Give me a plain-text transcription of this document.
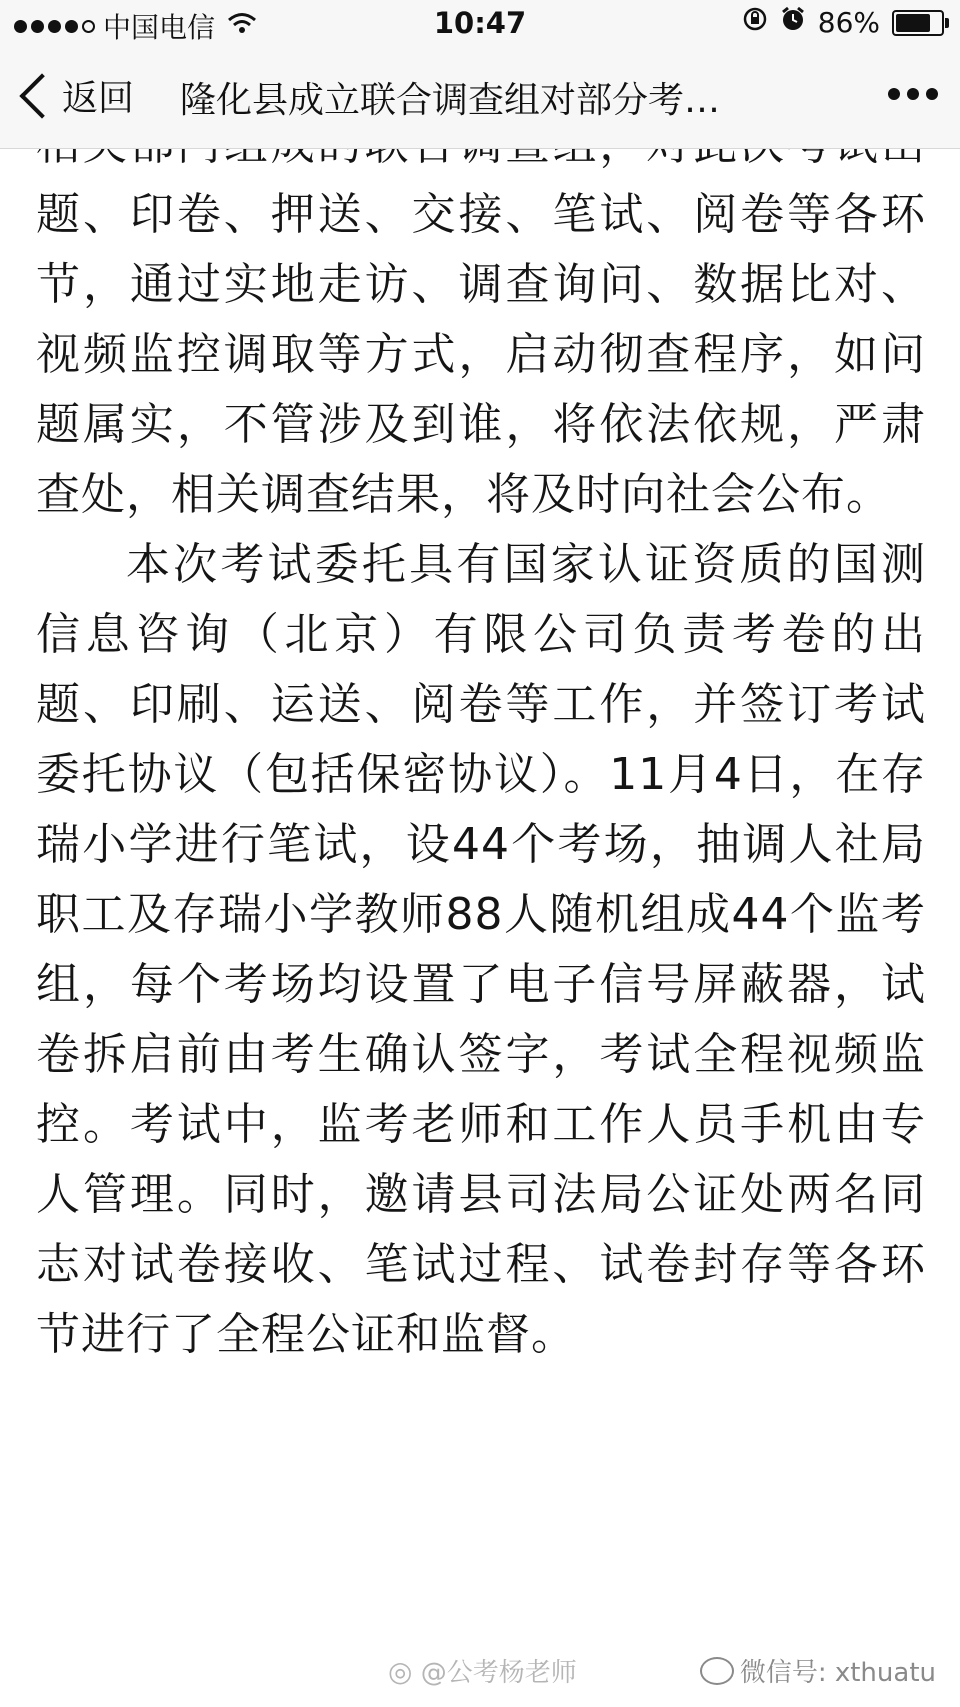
中国电信	10:47	86%
返回 隆化县成立联合调查组对部分考…

题、印卷、押送、交接、笔试、阅卷等各环节，通过实地走访、调查询问、数据比对、视频监控调取等方式，启动彻查程序，如问题属实，不管涉及到谁，将依法依规，严肃查处，相关调查结果，将及时向社会公布。

本次考试委托具有国家认证资质的国测信息咨询（北京）有限公司负责考卷的出题、印刷、运送、阅卷等工作，并签订考试委托协议（包括保密协议）。11月4日，在存瑞小学进行笔试，设44个考场，抽调人社局职工及存瑞小学教师88人随机组成44个监考组，每个考场均设置了电子信号屏蔽器，试卷拆启前由考生确认签字，考试全程视频监控。考试中，监考老师和工作人员手机由专人管理。同时，邀请县司法局公证处两名同志对试卷接收、笔试过程、试卷封存等各环节进行了全程公证和监督。

◎ @公考杨老师	微信号: xthuatu
